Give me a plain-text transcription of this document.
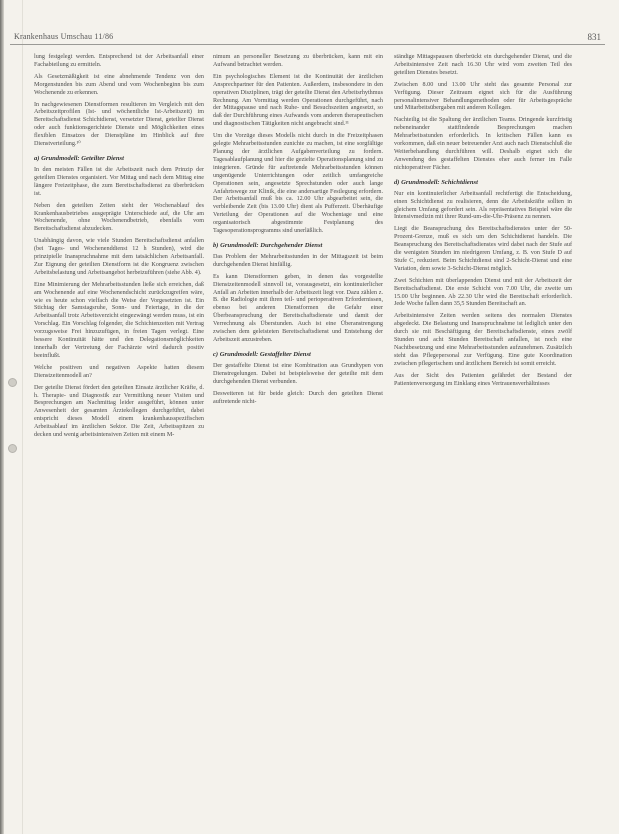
Krankenhaus Umschau 11/86	831

lung festgelegt werden. Entsprechend ist der Arbeitsanfall einer Fachabteilung zu ermitteln.

Als Gesetzmäßigkeit ist eine abnehmende Tendenz von den Morgenstunden bis zum Abend und vom Wochenbeginn bis zum Wochenende zu erkennen.

In nachgewiesenen Dienstformen resultieren im Vergleich mit den Arbeitszeitprofilen (Ist- und wöchentliche Ist-Arbeitszeit) im Bereitschaftsdienst Schichtdienst, versetzter Dienst, geteilter Dienst oder auch funktionsgerichtete Dienste und Möglichkeiten eines flexiblen Einsatzes der Dienstpläne im Hinblick auf ihre Dienstverteilung.¹⁰

a) Grundmodell: Geteilter Dienst

In den meisten Fällen ist die Arbeitszeit nach dem Prinzip der geteilten Dienstes organisiert. Vor Mittag und nach dem Mittag eine längere Freizeitphase, die zum Bereitschaftsdienst zu überbrücken ist.

Neben den geteilten Zeiten sieht der Wochenablauf des Krankenhausbetriebes ausgeprägte Unterschiede auf, die Uhr am Wochenende, ohne Wochenendbetrieb, ebenfalls vom Bereitschaftsdienst abzudecken.

Unabhängig davon, wie viele Stunden Bereitschaftsdienst anfallen (bei Tages- und Wochenenddienst 12 h Stunden), wird die prinzipielle Inanspruchnahme mit dem tatsächlichen Arbeitsanfall. Zur Eignung der geteilten Dienstform ist die Kongruenz zwischen Arbeitsbelastung und Arbeitsangebot herbeizuführen (siehe Abb. 4).

Eine Minimierung der Mehrarbeitsstunden ließe sich erreichen, daß am Wochenende auf eine Wochenendschicht zurückzugreifen wäre, wie es heute schon vielfach die Weise der Vorgesetzten ist. Ein Stichtag der Samstagsruhe, Sonn- und Feiertage, in die der Arbeitsanfall trotz Arbeitsverzicht eingezwängt werden muss, ist ein Vorschlag. Ein Vorschlag folgender, die Schichtenzeiten mit Vertrag vorzugsweise Frei hinzuzufügen, in freien Tagen verlegt. Eine bessere Kontinuität hätte und den Delegationsmöglichkeiten innerhalb der Vertretung der Fachärzte wird dadurch positiv beeinflußt.

Welche positiven und negativen Aspekte hatten diesem Dienstzeitenmodell an?

Der geteilte Dienst fördert den geteilten Einsatz ärztlicher Kräfte, d. h. Therapie- und Diagnostik zur Vermittlung neuer Visiten und Besprechungen am Nachmittag leider ausgeführt, können unter Anwesenheit der gesamten Ärztekollegen durchgeführt, dabei entspricht dieses Modell einem krankenhausspezifischen Arbeitsablauf im ärztlichen Sektor. Die Zeit, Arbeitsspitzen zu decken und wenig arbeitsintensiven Zeiten mit einem M-

nimum an personeller Besetzung zu überbrücken, kann mit ein Aufwand betrachtet werden.

Ein psychologisches Element ist die Kontinuität der ärztlichen Ansprechpartner für den Patienten. Außerdem, insbesondere in den operativen Disziplinen, trägt der geteilte Dienst den Arbeitsrhythmus Rechnung. Am Vormittag werden Operationen durchgeführt, nach der Mittagspause und nach Ruhe- und Besuchszeiten angesetzt, so daß der Durchführung eines Aufwands vom anderen therapeutischen und diagnostischen Tätigkeiten nicht angebracht sind.¹¹

Um die Vorzüge dieses Modells nicht durch in die Freizeitphasen gelegte Mehrarbeitsstunden zunichte zu machen, ist eine sorgfältige Planung der ärztlichen Aufgabenverteilung zu fordern. Tagesablaufplanung und hier die gezielte Operationsplanung sind zu integrieren. Gründe für auftretende Mehrarbeitsstunden können ungenügende Unterrichtungen oder zeitlich umfangreiche Operationen sein, angesetzte Sprechstunden oder auch lange Anfahrtswege zur Klinik, die eine andersartige Festlegung erfordern. Der Arbeitsanfall muß bis ca. 12.00 Uhr abgearbeitet sein, die verbleibende Zeit (bis 13.00 Uhr) dient als Pufferzeit. Überhäufige Verteilung der Operationen auf die Wochentage und eine organisatorisch abgestimmte Festplanung des Tagesoperationsprogramms sind unerläßlich.

b) Grundmodell: Durchgehender Dienst

Das Problem der Mehrarbeitsstunden in der Mittagszeit ist beim durchgehenden Dienst hinfällig.

Es kann Dienstformen geben, in denen das vorgestellte Dienstzeitenmodell sinnvoll ist, vorausgesetzt, ein kontinuierlicher Anfall an Arbeiten innerhalb der Arbeitszeit liegt vor. Dazu zählen z. B. die Radiologie mit ihren teil- und perioperativen Erfordernissen, ebenso bei anderen Dienstformen die Gefahr einer Überbeanspruchung der Bereitschaftsdienste und damit der Verrechnung als Überstunden. Auch ist eine Überanstrengung zwischen dem geleisteten Bereitschaftsdienst und Entstehung der Arbeitszeit anzustreben.

c) Grundmodell: Gestaffelter Dienst

Der gestaffelte Dienst ist eine Kombination aus Grundtypen von Dienstregelungen. Dabei ist beispielsweise der geteilte mit dem durchgehenden Dienst verbunden.

Desweiteren ist für beide gleich: Durch den geteilten Dienst auftretende nicht-

ständige Mittagspausen überbrückt ein durchgehender Dienst, und die Arbeitsintensive Zeit nach 16.30 Uhr wird vom zweiten Teil des geteilten Dienstes besetzt.

Zwischen 8.00 und 13.00 Uhr steht das gesamte Personal zur Verfügung. Dieser Zeitraum eignet sich für die Ausführung personalintensiver Behandlungsmethoden oder für Arbeitsgespräche und Mitarbeitsübergaben mit anderen Kollegen.

Nachteilig ist die Spaltung der ärztlichen Teams. Dringende kurzfristig nebeneinander stattfindende Besprechungen machen Mehrarbeitsstunden erforderlich. In kritischen Fällen kann es vorkommen, daß ein neuer betreuender Arzt auch nach Dienstschluß die Weiterbehandlung durchführen will. Deshalb eignet sich die Anwendung des gestaffelten Dienstes eher auch ferner im Falle nichtoperativer Fächer.

d) Grundmodell: Schichtdienst

Nur ein kontinuierlicher Arbeitsanfall rechtfertigt die Entscheidung, einen Schichtdienst zu realisieren, denn die Arbeitskräfte sollten in gleichem Umfang gefordert sein. Als repräsentatives Beispiel wäre die Intensivmedizin mit ihrer Rund-um-die-Uhr-Präsenz zu nennen.

Liegt die Beanspruchung des Bereitschaftsdienstes unter der 50-Prozent-Grenze, muß es sich um den Schichtdienst handeln. Die Beanspruchung des Bereitschaftsdienstes wird dabei nach der Stufe auf die wenigsten Stunden im niedrigeren Umfang, z. B. von Stufe D auf Stufe C, reduziert. Beim Schichtdienst sind 2-Schicht-Dienst und eine Variation, dem sowie 3-Schicht-Dienst möglich.

Zwei Schichten mit überlappenden Dienst und mit der Arbeitszeit der Bereitschaftsdienst. Die erste Schicht von 7.00 Uhr, die zweite um 15.00 Uhr beginnen. Ab 22.30 Uhr wird die Bereitschaft erforderlich. Jede Woche fallen dann 35,5 Stunden Bereitschaft an.

Arbeitsintensive Zeiten werden seitens des normalen Dienstes abgedeckt. Die Belastung und Inanspruchnahme ist lediglich unter den durch sie mit Beschäftigung der Bereitschaftsdienste, eines zwölf Stunden und acht Stunden Bereitschaft anfallen, ist noch eine Nachtbesetzung und eine Mehrarbeitsstunden aufzunehmen. Zusätzlich steht das Pflegepersonal zur Verfügung. Eine gute Koordination zwischen pflegerischem und ärztlichem Bereich ist somit erreicht.

Aus der Sicht des Patienten gefährdet der Bestand der Patientenversorgung im Einklang eines Vertrauensverhältnisses
